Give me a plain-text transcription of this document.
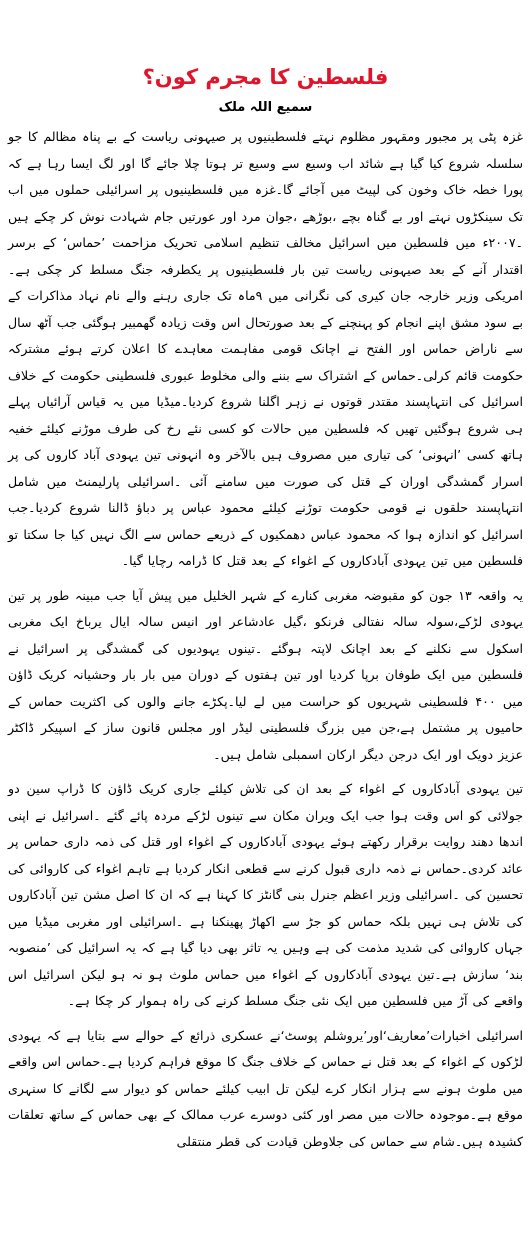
فلسطین کا مجرم کون؟
سمیع اللہ ملک

غزہ پٹی پر مجبور ومقہور مظلوم نہتے فلسطینیوں پر صیہونی ریاست کے بے پناہ مظالم کا جو سلسلہ شروع کیا گیا ہے شائد اب وسیع سے وسیع تر ہوتا چلا جائے گا اور لگ ایسا رہا ہے کہ پورا خطہ خاک وخون کی لپیٹ میں آجائے گا۔غزہ میں فلسطینیوں پر اسرائیلی حملوں میں اب تک سینکڑوں نہتے اور بے گناہ بچے ،بوڑھے ،جوان مرد اور عورتیں جام شہادت نوش کر چکے ہیں ۔۲۰۰۷ء میں فلسطین میں اسرائیل مخالف تنظیم اسلامی تحریک مزاحمت ’حماس‘ کے برسر اقتدار آنے کے بعد صیہونی ریاست تین بار فلسطینیوں پر یکطرفہ جنگ مسلط کر چکی ہے۔امریکی وزیر خارجہ جان کیری کی نگرانی میں ۹ماہ تک جاری رہنے والے نام نہاد مذاکرات کے بے سود مشق اپنے انجام کو پہنچنے کے بعد صورتحال اس وقت زیادہ گھمبیر ہوگئی جب آٹھ سال سے ناراض حماس اور الفتح نے اچانک قومی مفاہمت معاہدے کا اعلان کرتے ہوئے مشترکہ حکومت قائم کرلی۔حماس کے اشتراک سے بننے والی مخلوط عبوری فلسطینی حکومت کے خلاف اسرائیل کی انتہاپسند مقتدر قوتوں نے زہر اگلنا شروع کردیا۔میڈیا میں یہ قیاس آرائیاں پہلے ہی شروع ہوگئیں تھیں کہ فلسطین میں حالات کو کسی نئے رخ کی طرف موڑنے کیلئے خفیہ ہاتھ کسی ’انہونی‘ کی تیاری میں مصروف ہیں بالآخر وہ انہونی تین یہودی آباد کاروں کی پر اسرار گمشدگی اوران کے قتل کی صورت میں سامنے آئی ۔اسرائیلی پارلیمنٹ میں شامل انتہاپسند حلقوں نے قومی حکومت توڑنے کیلئے محمود عباس پر دباؤ ڈالنا شروع کردیا۔جب اسرائیل کو اندازہ ہوا کہ محمود عباس دھمکیوں کے ذریعے حماس سے الگ نہیں کیا جا سکتا تو فلسطین میں تین یہودی آبادکاروں کے اغواء کے بعد قتل کا ڈرامہ رچایا گیا۔

یہ واقعہ ۱۳ جون کو مقبوضہ مغربی کنارے کے شہر الخلیل میں پیش آیا جب مبینہ طور پر تین یہودی لڑکے،سولہ سالہ نفتالی فرنکو ،گیل عادشاعر اور انیس سالہ ایال یرباخ ایک مغربی اسکول سے نکلنے کے بعد اچانک لاپتہ ہوگئے ۔تینوں یہودیوں کی گمشدگی پر اسرائیل نے فلسطین میں ایک طوفان برپا کردیا اور تین ہفتوں کے دوران میں بار بار وحشیانہ کریک ڈاؤن میں ۴۰۰ فلسطینی شہریوں کو حراست میں لے لیا۔پکڑے جانے والوں کی اکثریت حماس کے حامیوں پر مشتمل ہے،جن میں بزرگ فلسطینی لیڈر اور مجلس قانون ساز کے اسپیکر ڈاکٹر عزیز دویک اور ایک درجن دیگر ارکان اسمبلی شامل ہیں۔

تین یہودی آبادکاروں کے اغواء کے بعد ان کی تلاش کیلئے جاری کریک ڈاؤن کا ڈراپ سین دو جولائی کو اس وقت ہوا جب ایک ویران مکان سے تینوں لڑکے مردہ پائے گئے ۔اسرائیل نے اپنی اندھا دھند روایت برقرار رکھتے ہوئے یہودی آبادکاروں کے اغواء اور قتل کی ذمہ داری حماس پر عائد کردی۔حماس نے ذمہ داری قبول کرنے سے قطعی انکار کردیا ہے تاہم اغواء کی کاروائی کی تحسین کی ۔اسرائیلی وزیر اعظم جنرل بنی گانٹز کا کہنا ہے کہ ان کا اصل مشن تین آبادکاروں کی تلاش ہی نہیں بلکہ حماس کو جڑ سے اکھاڑ پھینکنا ہے ۔اسرائیلی اور مغربی میڈیا میں جہاں کاروائی کی شدید مذمت کی ہے وہیں یہ تاثر بھی دیا گیا ہے کہ یہ اسرائیل کی ’منصوبہ بند‘ سازش ہے۔تین یہودی آبادکاروں کے اغواء میں حماس ملوث ہو نہ ہو لیکن اسرائیل اس واقعے کی آڑ میں فلسطین میں ایک نئی جنگ مسلط کرنے کی راہ ہموار کر چکا ہے۔

اسرائیلی اخبارات’معاریف‘اور’یروشلم پوسٹ‘نے عسکری ذرائع کے حوالے سے بتایا ہے کہ یہودی لڑکوں کے اغواء کے بعد قتل نے حماس کے خلاف جنگ کا موقع فراہم کردیا ہے۔حماس اس واقعے میں ملوث ہونے سے ہزار انکار کرے لیکن تل ابیب کیلئے حماس کو دیوار سے لگانے کا سنہری موقع ہے۔موجودہ حالات میں مصر اور کئی دوسرے عرب ممالک کے بھی حماس کے ساتھ تعلقات کشیدہ ہیں۔شام سے حماس کی جلاوطن قیادت کی قطر منتقلی
